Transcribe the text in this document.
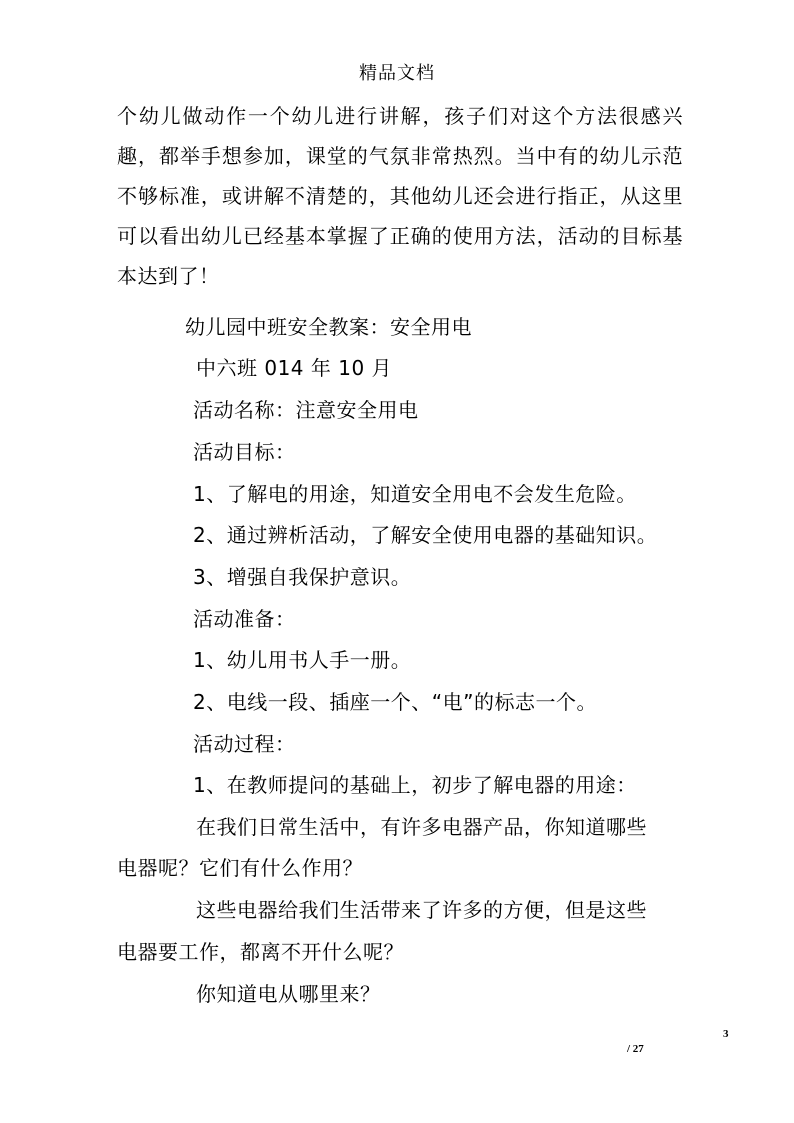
精品文档

个幼儿做动作一个幼儿进行讲解，孩子们对这个方法很感兴趣，都举手想参加，课堂的气氛非常热烈。当中有的幼儿示范不够标准，或讲解不清楚的，其他幼儿还会进行指正，从这里可以看出幼儿已经基本掌握了正确的使用方法，活动的目标基本达到了！

幼儿园中班安全教案：安全用电
中六班 014 年 10 月
活动名称：注意安全用电
活动目标：
1、了解电的用途，知道安全用电不会发生危险。
2、通过辨析活动，了解安全使用电器的基础知识。
3、增强自我保护意识。
活动准备：
1、幼儿用书人手一册。
2、电线一段、插座一个、“电”的标志一个。
活动过程：
1、在教师提问的基础上，初步了解电器的用途：
在我们日常生活中，有许多电器产品，你知道哪些
电器呢？它们有什么作用？
这些电器给我们生活带来了许多的方便，但是这些
电器要工作，都离不开什么呢？
你知道电从哪里来？
3
/ 27
